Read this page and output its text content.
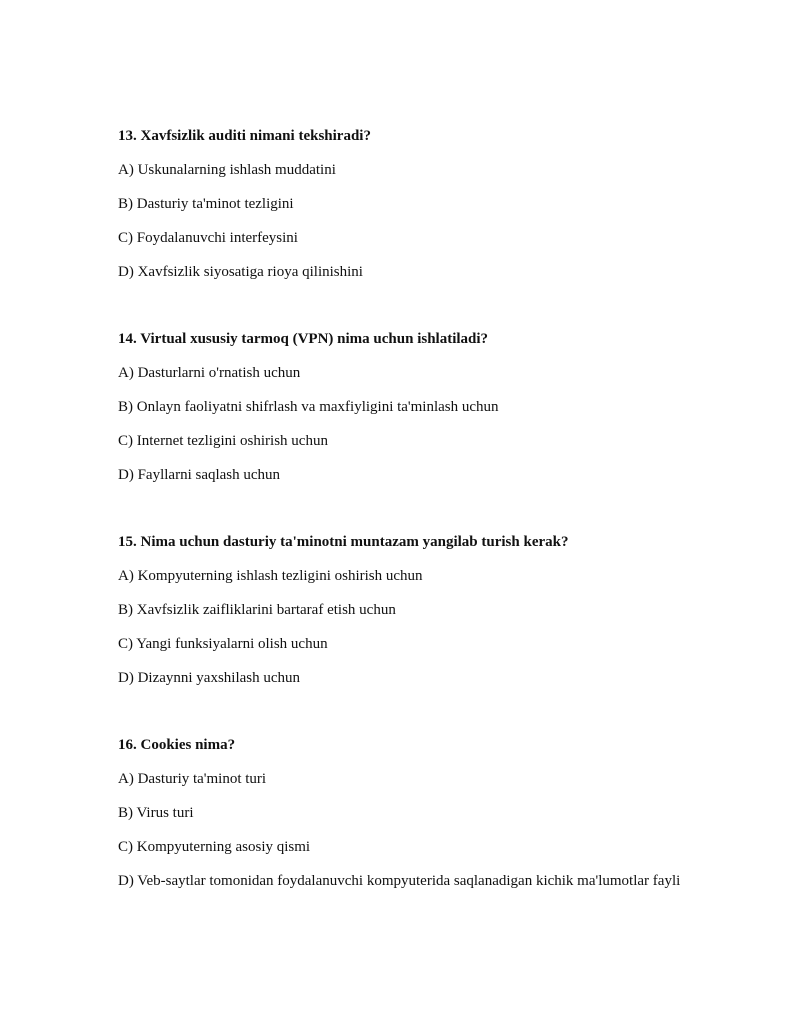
13. Xavfsizlik auditi nimani tekshiradi?

A) Uskunalarning ishlash muddatini

B) Dasturiy ta'minot tezligini

C) Foydalanuvchi interfeysini

D) Xavfsizlik siyosatiga rioya qilinishini

14. Virtual xususiy tarmoq (VPN) nima uchun ishlatiladi?

A) Dasturlarni o'rnatish uchun

B) Onlayn faoliyatni shifrlash va maxfiyligini ta'minlash uchun

C) Internet tezligini oshirish uchun

D) Fayllarni saqlash uchun

15. Nima uchun dasturiy ta'minotni muntazam yangilab turish kerak?

A) Kompyuterning ishlash tezligini oshirish uchun

B) Xavfsizlik zaifliklarini bartaraf etish uchun

C) Yangi funksiyalarni olish uchun

D) Dizaynni yaxshilash uchun

16. Cookies nima?

A) Dasturiy ta'minot turi

B) Virus turi

C) Kompyuterning asosiy qismi

D) Veb-saytlar tomonidan foydalanuvchi kompyuterida saqlanadigan kichik ma'lumotlar fayli
